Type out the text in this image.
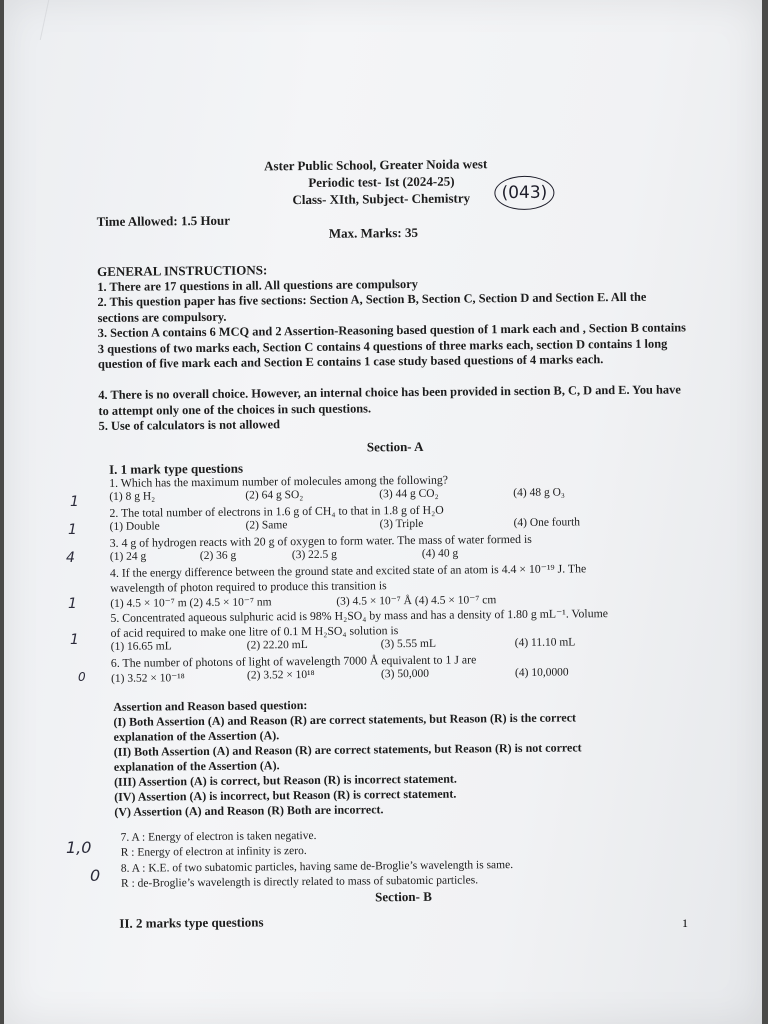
1
1
4
1
1
0
1,0
0
Aster Public School, Greater Noida west
Periodic test- Ist (2024-25)
Class- XIth, Subject- Chemistry	(043)
Time Allowed: 1.5 Hour
Max. Marks: 35
GENERAL INSTRUCTIONS:
1. There are 17 questions in all. All questions are compulsory
2. This question paper has five sections: Section A, Section B, Section C, Section D and Section E. All the sections are compulsory.
3. Section A contains 6 MCQ and 2 Assertion-Reasoning based question of 1 mark each and , Section B contains 3 questions of two marks each, Section C contains 4 questions of three marks each, section D contains 1 long question of five mark each and Section E contains 1 case study based questions of 4 marks each.
4. There is no overall choice. However, an internal choice has been provided in section B, C, D and E. You have to attempt only one of the choices in such questions.
5. Use of calculators is not allowed
Section- A
I. 1 mark type questions
1. Which has the maximum number of molecules among the following?
(1) 8 g H₂	(2) 64 g SO₂	(3) 44 g CO₂	(4) 48 g O₃
2. The total number of electrons in 1.6 g of CH₄ to that in 1.8 g of H₂O
(1) Double	(2) Same	(3) Triple	(4) One fourth
3. 4 g of hydrogen reacts with 20 g of oxygen to form water. The mass of water formed is
(1) 24 g	(2) 36 g	(3) 22.5 g	(4) 40 g
4. If the energy difference between the ground state and excited state of an atom is 4.4 × 10⁻¹⁹ J. The
wavelength of photon required to produce this transition is
(1) 4.5 × 10⁻⁷ m (2) 4.5 × 10⁻⁷ nm	(3) 4.5 × 10⁻⁷ Å (4) 4.5 × 10⁻⁷ cm
5. Concentrated aqueous sulphuric acid is 98% H₂SO₄ by mass and has a density of 1.80 g mL⁻¹. Volume
of acid required to make one litre of 0.1 M H₂SO₄ solution is
(1) 16.65 mL	(2) 22.20 mL	(3) 5.55 mL	(4) 11.10 mL
6. The number of photons of light of wavelength 7000 Å equivalent to 1 J are
(1) 3.52 × 10⁻¹⁸	(2) 3.52 × 10¹⁸	(3) 50,000	(4) 10,0000
Assertion and Reason based question:
(I) Both Assertion (A) and Reason (R) are correct statements, but Reason (R) is the correct
explanation of the Assertion (A).
(II) Both Assertion (A) and Reason (R) are correct statements, but Reason (R) is not correct
explanation of the Assertion (A).
(III) Assertion (A) is correct, but Reason (R) is incorrect statement.
(IV) Assertion (A) is incorrect, but Reason (R) is correct statement.
(V) Assertion (A) and Reason (R) Both are incorrect.
7. A : Energy of electron is taken negative.
R : Energy of electron at infinity is zero.
8. A : K.E. of two subatomic particles, having same de-Broglie’s wavelength is same.
R : de-Broglie’s wavelength is directly related to mass of subatomic particles.
Section- B
II. 2 marks type questions	1
